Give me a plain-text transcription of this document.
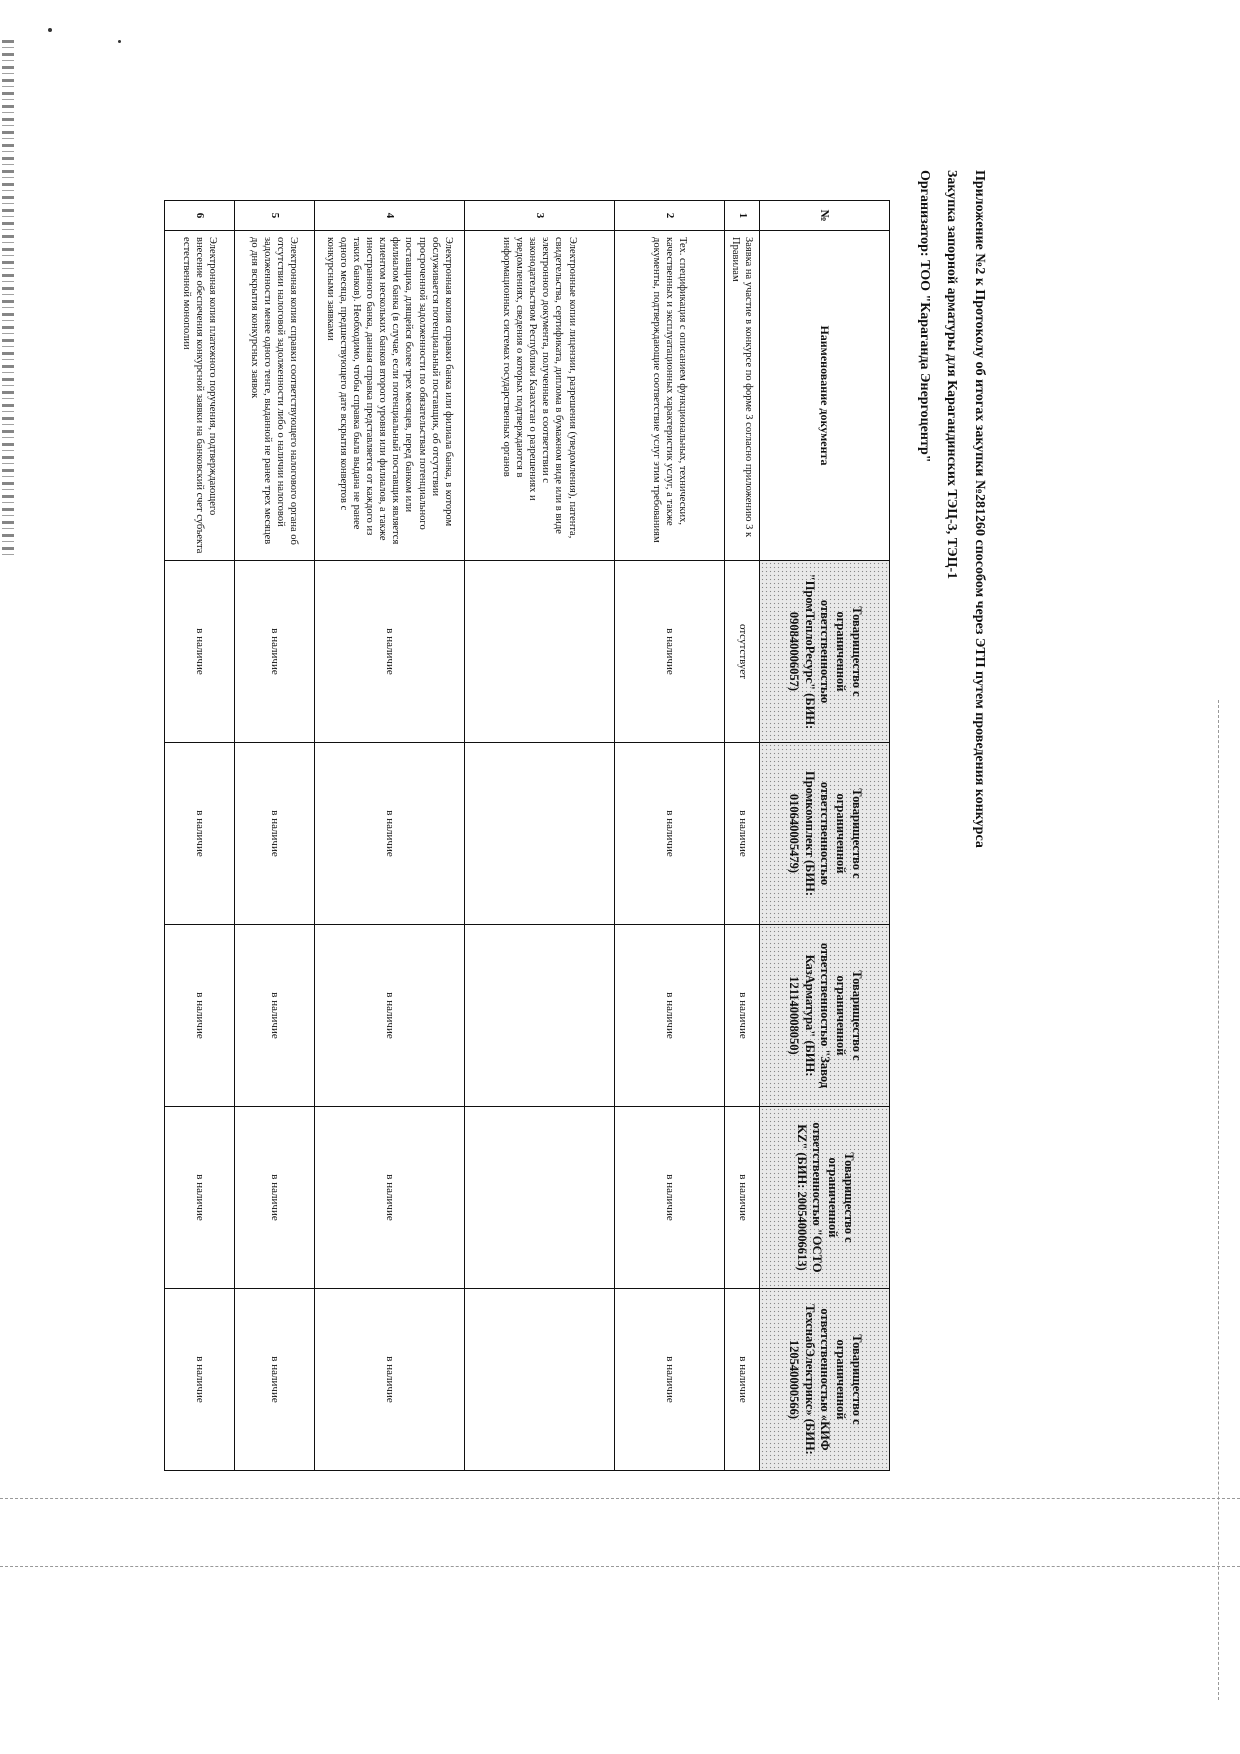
Приложение №2 к Протоколу об итогах закупки №281260 способом через ЭТП путем проведения конкурса

Закупка запорной арматуры для Карагандинских ТЭЦ-3, ТЭЦ-1

Организатор: ТОО "Караганда Энергоцентр"

№	Наименование документа	Товарищество с ограниченной ответственностью "ПромТеплоРесурс" (БИН: 090840006057)	Товарищество с ограниченной ответственностью Промкомплект (БИН: 010640005479)	Товарищество с ограниченной ответственностью "Завод КазАрматура" (БИН: 121140008050)	Товарищество с ограниченной ответственностью "ОСТО KZ" (БИН: 200540006613)	Товарищество с ограниченной ответственностью «КИФ ТехснабЭлектрикс» (БИН: 120540000566)
1	Заявка на участие в конкурсе по форме 3 согласно приложению 3 к Правилам	отсутствует	в наличие	в наличие	в наличие	в наличие
2	Тех. спецификация с описанием функциональных, технических, качественных и эксплуатационных характеристик услуг, а также документы, подтверждающие соответствие услуг этим требованиям	в наличие	в наличие	в наличие	в наличие	в наличие
3	Электронные копии лицензии, разрешения (уведомления), патента, свидетельства, сертификата, диплома в бумажном виде или в виде электронного документа, полученные в соответствии с законодательством Республики Казахстан о разрешениях и уведомлениях, сведения о которых подтверждаются в информационных системах государственных органов					
4	Электронная копия справки банка или филиала банка, в котором обслуживается потенциальный поставщик, об отсутствии просроченной задолженности по обязательствам потенциального поставщика, длящейся более трех месяцев, перед банком или филиалом банка (в случае, если потенциальный поставщик является клиентом нескольких банков второго уровня или филиалов, а также иностранного банка, данная справка представляется от каждого из таких банков). Необходимо, чтобы справка была выдана не ранее одного месяца, предшествующего дате вскрытия конвертов с конкурсными заявками	в наличие	в наличие	в наличие	в наличие	в наличие
5	Электронная копия справки соответствующего налогового органа об отсутствии налоговой задолженности либо о наличии налоговой задолженности менее одного тенге, выданной не ранее трех месяцев до дня вскрытия конкурсных заявок	в наличие	в наличие	в наличие	в наличие	в наличие
6	Электронная копия платежного поручения, подтверждающего внесение обеспечения конкурсной заявки на банковский счет субъекта естественной монополии	в наличие	в наличие	в наличие	в наличие	в наличие
